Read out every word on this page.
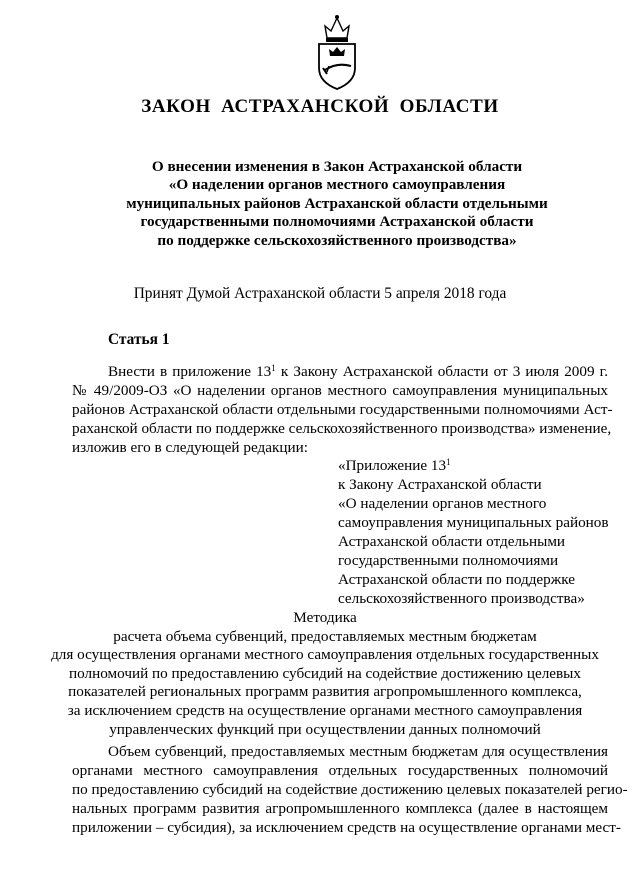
ЗАКОН АСТРАХАНСКОЙ ОБЛАСТИ
О внесении изменения в Закон Астраханской области
«О наделении органов местного самоуправления
муниципальных районов Астраханской области отдельными
государственными полномочиями Астраханской области
по поддержке сельскохозяйственного производства»
Принят Думой Астраханской области 5 апреля 2018 года
Статья 1
Внести в приложение $13^1$ к Закону Астраханской области от 3 июля 2009 г.
№ 49/2009-ОЗ «О наделении органов местного самоуправления муниципальных
районов Астраханской области отдельными государственными полномочиями Аст-
раханской области по поддержке сельскохозяйственного производства» изменение,
изложив его в следующей редакции:
«Приложение $13^1$
к Закону Астраханской области
«О наделении органов местного
самоуправления муниципальных районов
Астраханской области отдельными
государственными полномочиями
Астраханской области по поддержке
сельскохозяйственного производства»
Методика
расчета объема субвенций, предоставляемых местным бюджетам
для осуществления органами местного самоуправления отдельных государственных
полномочий по предоставлению субсидий на содействие достижению целевых
показателей региональных программ развития агропромышленного комплекса,
за исключением средств на осуществление органами местного самоуправления
управленческих функций при осуществлении данных полномочий
Объем субвенций, предоставляемых местным бюджетам для осуществления
органами местного самоуправления отдельных государственных полномочий
по предоставлению субсидий на содействие достижению целевых показателей регио-
нальных программ развития агропромышленного комплекса (далее в настоящем
приложении – субсидия), за исключением средств на осуществление органами мест-
